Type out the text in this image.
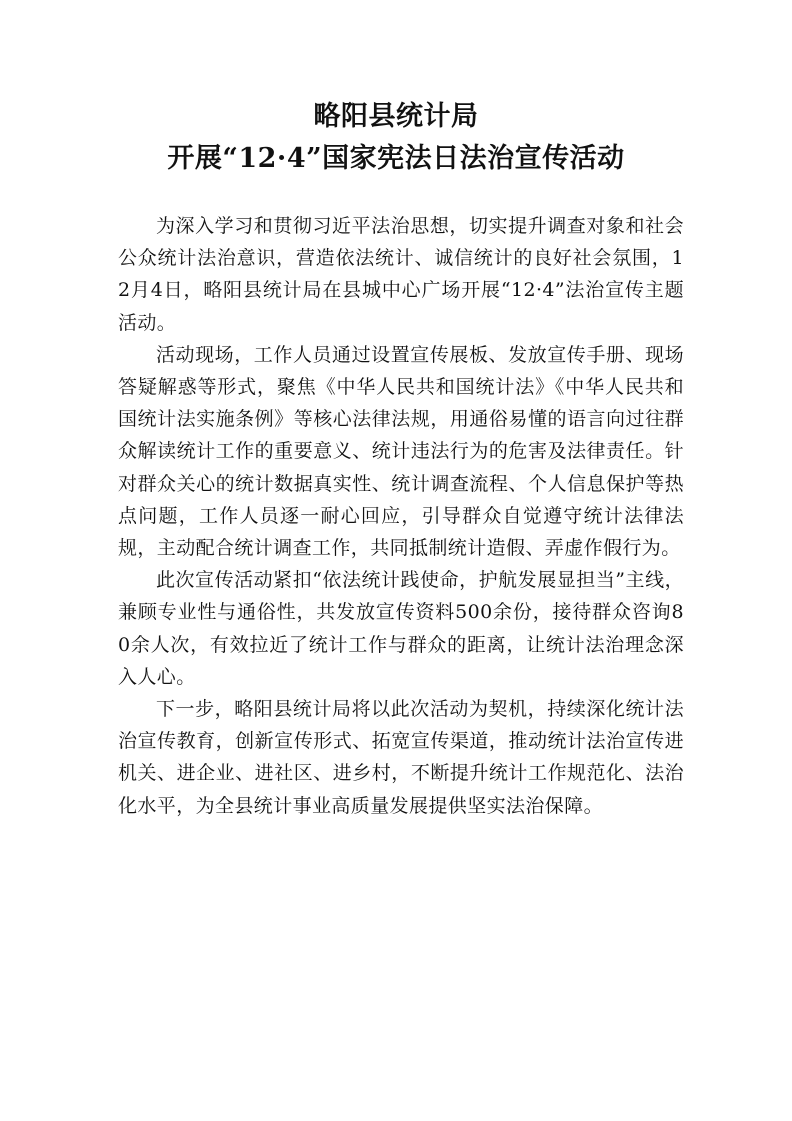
略阳县统计局
开展“12·4”国家宪法日法治宣传活动

为深入学习和贯彻习近平法治思想，切实提升调查对象和社会公众统计法治意识，营造依法统计、诚信统计的良好社会氛围，12月4日，略阳县统计局在县城中心广场开展“12·4”法治宣传主题活动。

活动现场，工作人员通过设置宣传展板、发放宣传手册、现场答疑解惑等形式，聚焦《中华人民共和国统计法》《中华人民共和国统计法实施条例》等核心法律法规，用通俗易懂的语言向过往群众解读统计工作的重要意义、统计违法行为的危害及法律责任。针对群众关心的统计数据真实性、统计调查流程、个人信息保护等热点问题，工作人员逐一耐心回应，引导群众自觉遵守统计法律法规，主动配合统计调查工作，共同抵制统计造假、弄虚作假行为。

此次宣传活动紧扣“依法统计践使命，护航发展显担当”主线，兼顾专业性与通俗性，共发放宣传资料500余份，接待群众咨询80余人次，有效拉近了统计工作与群众的距离，让统计法治理念深入人心。

下一步，略阳县统计局将以此次活动为契机，持续深化统计法治宣传教育，创新宣传形式、拓宽宣传渠道，推动统计法治宣传进机关、进企业、进社区、进乡村，不断提升统计工作规范化、法治化水平，为全县统计事业高质量发展提供坚实法治保障。
